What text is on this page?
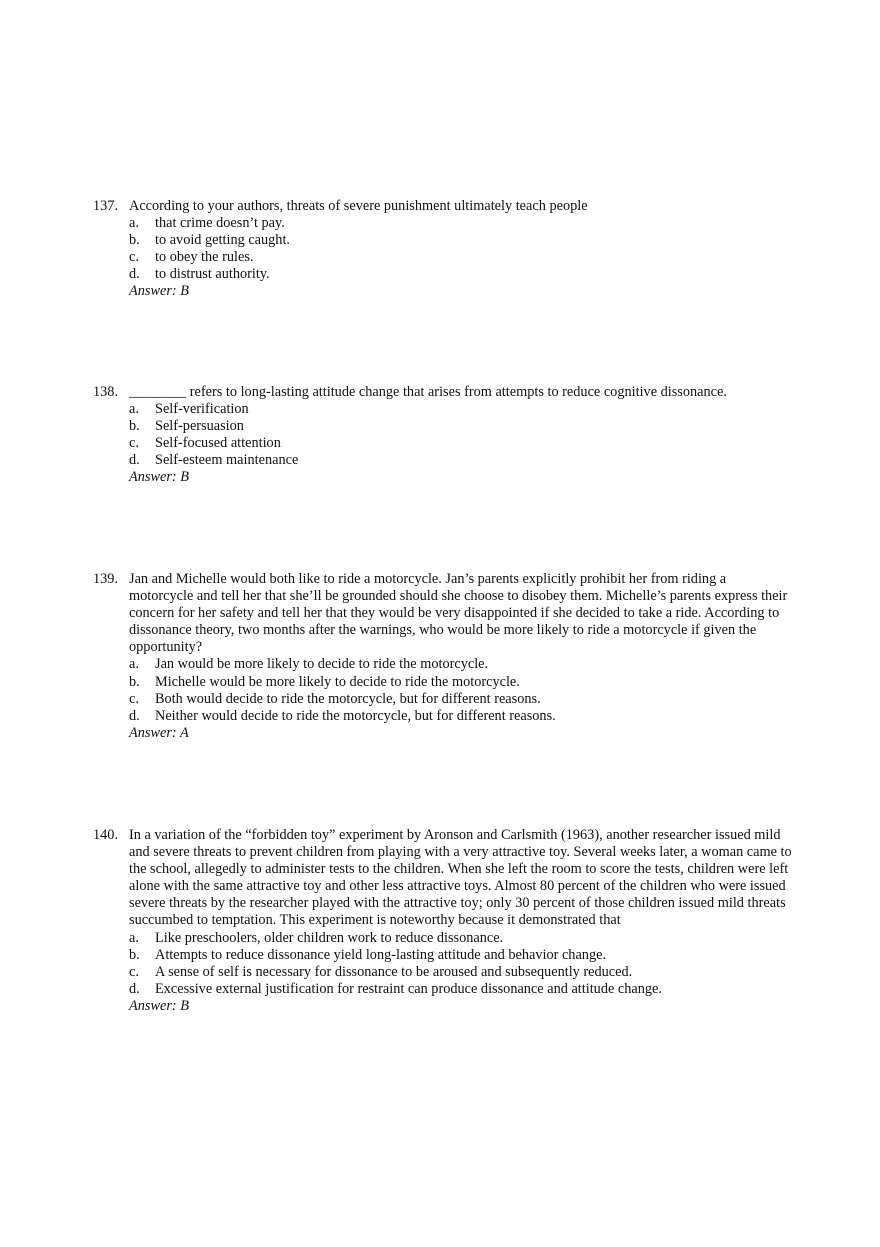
137. According to your authors, threats of severe punishment ultimately teach people
a. that crime doesn’t pay.
b. to avoid getting caught.
c. to obey the rules.
d. to distrust authority.
Answer: B
138. ________ refers to long-lasting attitude change that arises from attempts to reduce cognitive dissonance.
a. Self-verification
b. Self-persuasion
c. Self-focused attention
d. Self-esteem maintenance
Answer: B
139. Jan and Michelle would both like to ride a motorcycle. Jan’s parents explicitly prohibit her from riding a motorcycle and tell her that she’ll be grounded should she choose to disobey them. Michelle’s parents express their concern for her safety and tell her that they would be very disappointed if she decided to take a ride. According to dissonance theory, two months after the warnings, who would be more likely to ride a motorcycle if given the opportunity?
a. Jan would be more likely to decide to ride the motorcycle.
b. Michelle would be more likely to decide to ride the motorcycle.
c. Both would decide to ride the motorcycle, but for different reasons.
d. Neither would decide to ride the motorcycle, but for different reasons.
Answer: A
140. In a variation of the “forbidden toy” experiment by Aronson and Carlsmith (1963), another researcher issued mild and severe threats to prevent children from playing with a very attractive toy. Several weeks later, a woman came to the school, allegedly to administer tests to the children. When she left the room to score the tests, children were left alone with the same attractive toy and other less attractive toys. Almost 80 percent of the children who were issued severe threats by the researcher played with the attractive toy; only 30 percent of those children issued mild threats succumbed to temptation. This experiment is noteworthy because it demonstrated that
a. Like preschoolers, older children work to reduce dissonance.
b. Attempts to reduce dissonance yield long-lasting attitude and behavior change.
c. A sense of self is necessary for dissonance to be aroused and subsequently reduced.
d. Excessive external justification for restraint can produce dissonance and attitude change.
Answer: B
